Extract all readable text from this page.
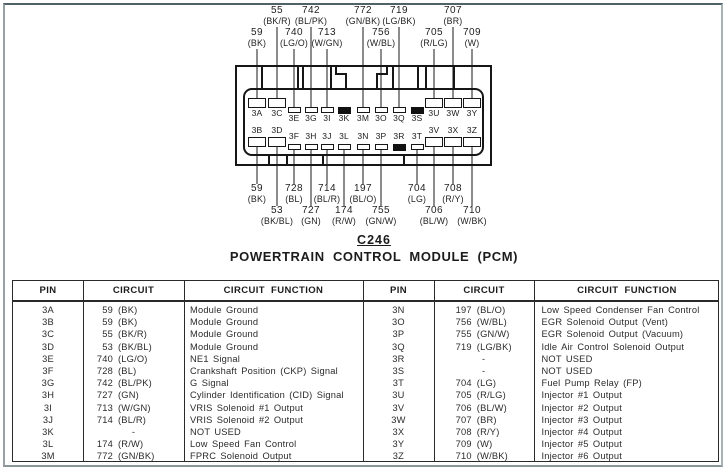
59
(BK)
55
(BK/R)
740
(LG/O)
742
(BL/PK)
713
(W/GN)
772
(GN/BK)
756
(W/BL)
719
(LG/BK)
705
(R/LG)
707
(BR)
709
(W)
59
(BK)
53
(BK/BL)
728
(BL)
727
(GN)
714
(BL/R)
174
(R/W)
197
(BL/O)
755
(GN/W)
704
(LG)
706
(BL/W)
708
(R/Y)
710
(W/BK)
3A 3C 3E 3G 3I 3K 3M 3O 3Q 3S 3U 3W 3Y
3B 3D
3F 3H 3J 3L 3N 3P 3R 3T
3V 3X 3Z
C246
POWERTRAIN CONTROL MODULE (PCM)
PIN	CIRCUIT	CIRCUIT FUNCTION	PIN	CIRCUIT	CIRCUIT FUNCTION
3A	59 (BK)	Module Ground
3B	59 (BK)	Module Ground
3C	55 (BK/R)	Module Ground
3D	53 (BK/BL)	Module Ground
3E	740 (LG/O)	NE1 Signal
3F	728 (BL)	Crankshaft Position (CKP) Signal
3G	742 (BL/PK)	G Signal
3H	727 (GN)	Cylinder Identification (CID) Signal
3I	713 (W/GN)	VRIS Solenoid #1 Output
3J	714 (BL/R)	VRIS Solenoid #2 Output
3K	-	NOT USED
3L	174 (R/W)	Low Speed Fan Control
3M	772 (GN/BK)	FPRC Solenoid Output
3N	197 (BL/O)	Low Speed Condenser Fan Control
3O	756 (W/BL)	EGR Solenoid Output (Vent)
3P	755 (GN/W)	EGR Solenoid Output (Vacuum)
3Q	719 (LG/BK)	Idle Air Control Solenoid Output
3R	-	NOT USED
3S	-	NOT USED
3T	704 (LG)	Fuel Pump Relay (FP)
3U	705 (R/LG)	Injector #1 Output
3V	706 (BL/W)	Injector #2 Output
3W	707 (BR)	Injector #3 Output
3X	708 (R/Y)	Injector #4 Output
3Y	709 (W)	Injector #5 Output
3Z	710 (W/BK)	Injector #6 Output
